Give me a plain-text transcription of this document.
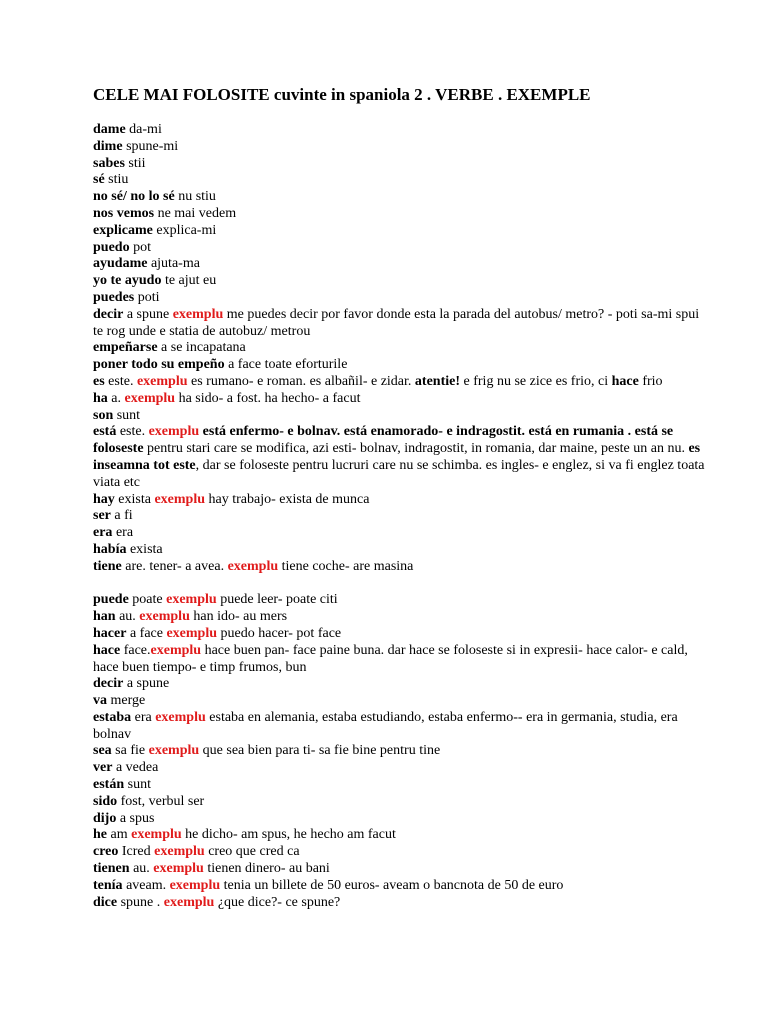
CELE MAI FOLOSITE cuvinte in spaniola 2 . VERBE . EXEMPLE
dame da-mi
dime spune-mi
sabes stii
sé stiu
no sé/ no lo sé nu stiu
nos vemos ne mai vedem
explicame explica-mi
puedo pot
ayudame ajuta-ma
yo te ayudo te ajut eu
puedes poti
decir a spune exemplu me puedes decir por favor donde esta la parada del autobus/ metro? - poti sa-mi spui te rog unde e statia de autobuz/ metrou
empeñarse a se incapatana
poner todo su empeño a face toate eforturile
es este. exemplu es rumano- e roman. es albañil- e zidar. atentie! e frig nu se zice es frio, ci hace frio
ha a. exemplu ha sido- a fost. ha hecho- a facut
son sunt
está este. exemplu está enfermo- e bolnav. está enamorado- e indragostit. está en rumania . está se foloseste pentru stari care se modifica, azi esti- bolnav, indragostit, in romania, dar maine, peste un an nu. es inseamna tot este, dar se foloseste pentru lucruri care nu se schimba. es ingles- e englez, si va fi englez toata viata etc
hay exista exemplu hay trabajo- exista de munca
ser a fi
era era
había exista
tiene are. tener- a avea. exemplu tiene coche- are masina
puede poate exemplu puede leer- poate citi
han au. exemplu han ido- au mers
hacer a face exemplu puedo hacer- pot face
hace face.exemplu hace buen pan- face paine buna. dar hace se foloseste si in expresii- hace calor- e cald, hace buen tiempo- e timp frumos, bun
decir a spune
va merge
estaba era exemplu estaba en alemania, estaba estudiando, estaba enfermo-- era in germania, studia, era bolnav
sea sa fie exemplu que sea bien para ti- sa fie bine pentru tine
ver a vedea
están sunt
sido fost, verbul ser
dijo a spus
he am exemplu he dicho- am spus, he hecho am facut
creo Icred exemplu creo que cred ca
tienen au. exemplu tienen dinero- au bani
tenía aveam. exemplu tenia un billete de 50 euros- aveam o bancnota de 50 de euro
dice spune . exemplu ¿que dice?- ce spune?
